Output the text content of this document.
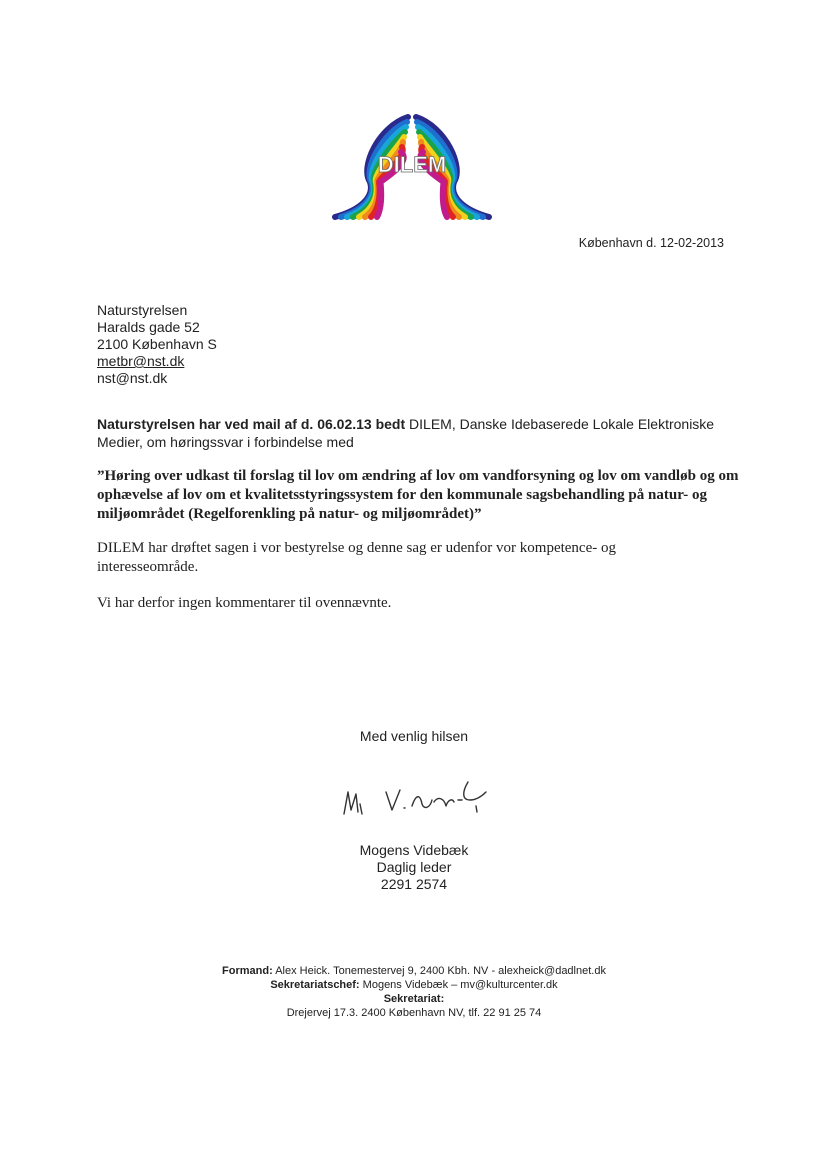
DILEM
København d. 12-02-2013
Naturstyrelsen
Haralds gade 52
2100 København S
metbr@nst.dk
nst@nst.dk
Naturstyrelsen har ved mail af d. 06.02.13 bedt DILEM, Danske Idebaserede Lokale Elektroniske Medier, om høringssvar i forbindelse med
”Høring over udkast til forslag til lov om ændring af lov om vandforsyning og lov om vandløb og om ophævelse af lov om et kvalitetsstyringssystem for den kommunale sagsbehandling på natur- og miljøområdet (Regelforenkling på natur- og miljøområdet)”
DILEM har drøftet sagen i vor bestyrelse og denne sag er udenfor vor kompetence- og interesseområde.
Vi har derfor ingen kommentarer til ovennævnte.
Med venlig hilsen
Mogens Videbæk
Daglig leder
2291 2574
Formand: Alex Heick. Tonemestervej 9, 2400 Kbh. NV - alexheick@dadlnet.dk
Sekretariatschef: Mogens Videbæk – mv@kulturcenter.dk
Sekretariat:
Drejervej 17.3. 2400 København NV, tlf. 22 91 25 74
